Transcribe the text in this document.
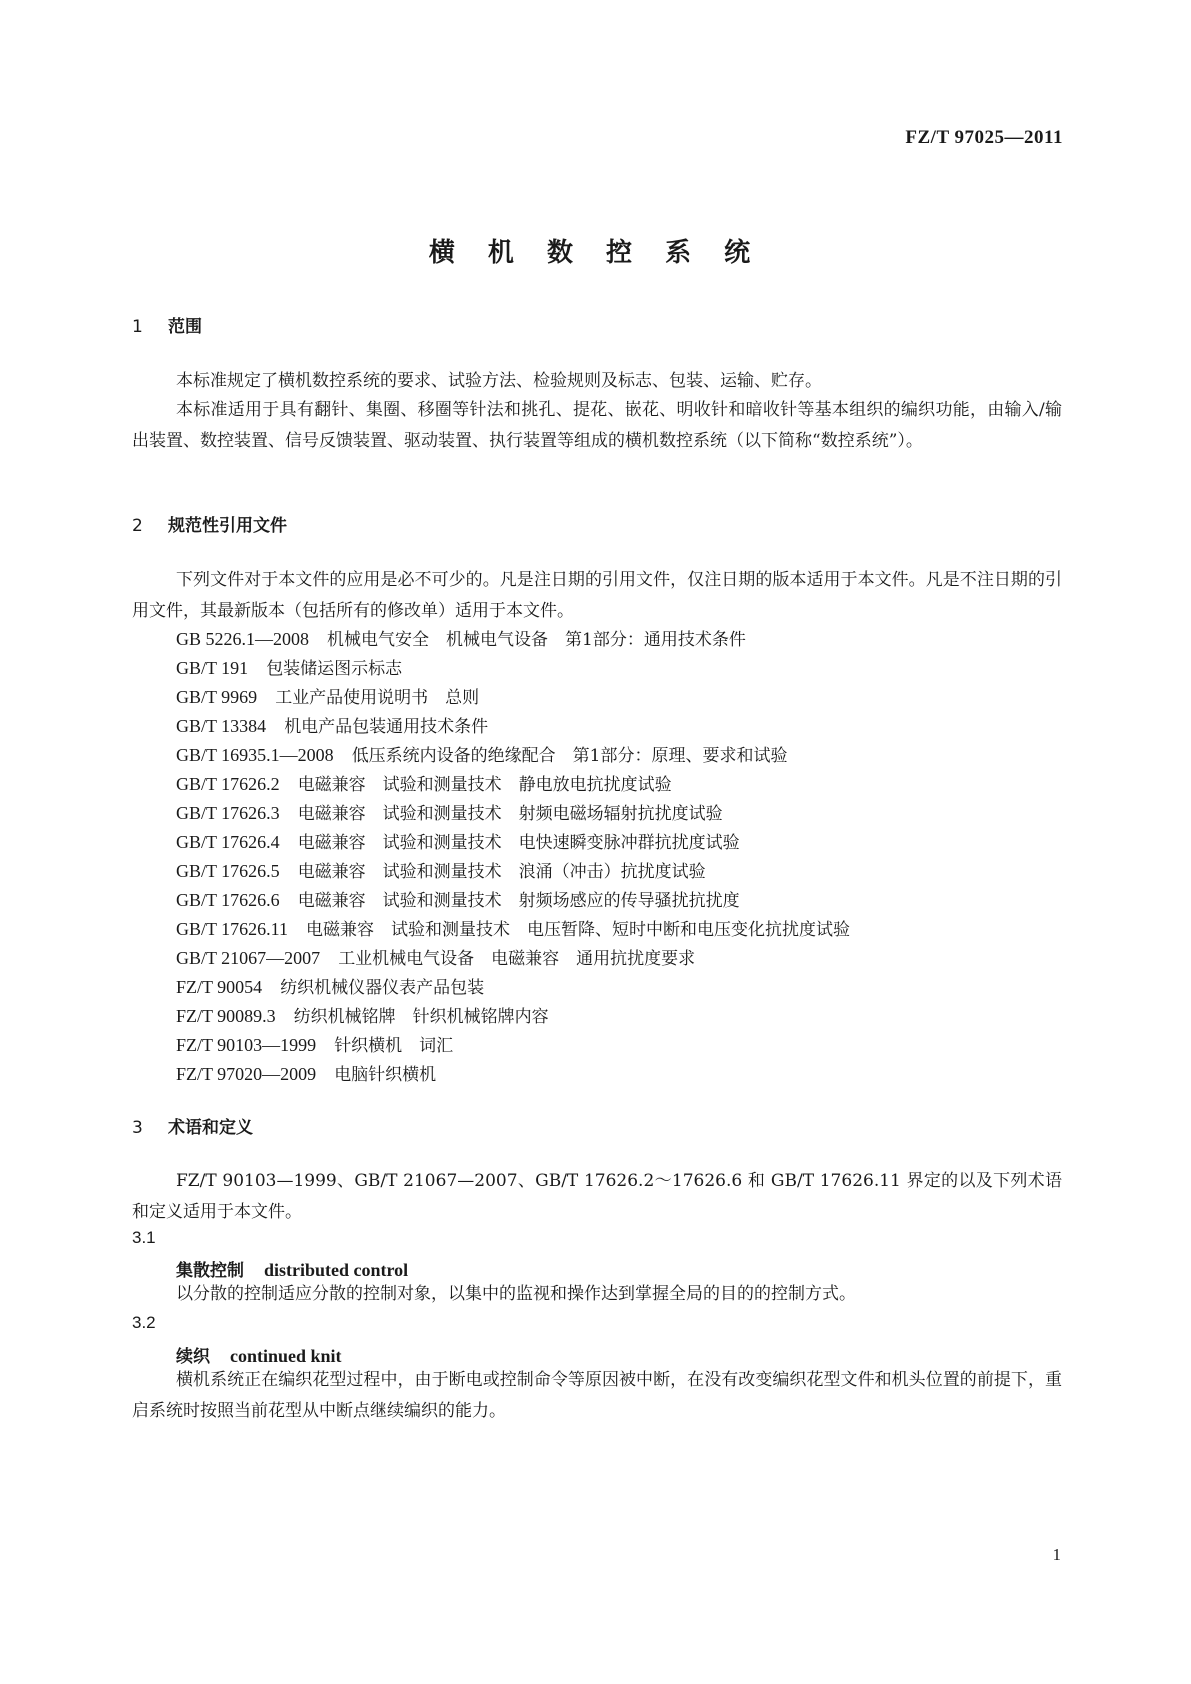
FZ/T 97025—2011
横 机 数 控 系 统
1 范围
本标准规定了横机数控系统的要求、试验方法、检验规则及标志、包装、运输、贮存。
本标准适用于具有翻针、集圈、移圈等针法和挑孔、提花、嵌花、明收针和暗收针等基本组织的编织功能，由输入/输出装置、数控装置、信号反馈装置、驱动装置、执行装置等组成的横机数控系统（以下简称“数控系统”）。
2 规范性引用文件
下列文件对于本文件的应用是必不可少的。凡是注日期的引用文件，仅注日期的版本适用于本文件。凡是不注日期的引用文件，其最新版本（包括所有的修改单）适用于本文件。
GB 5226.1—2008 机械电气安全　机械电气设备　第1部分：通用技术条件
GB/T 191 包装储运图示标志
GB/T 9969 工业产品使用说明书　总则
GB/T 13384 机电产品包装通用技术条件
GB/T 16935.1—2008 低压系统内设备的绝缘配合　第1部分：原理、要求和试验
GB/T 17626.2 电磁兼容　试验和测量技术　静电放电抗扰度试验
GB/T 17626.3 电磁兼容　试验和测量技术　射频电磁场辐射抗扰度试验
GB/T 17626.4 电磁兼容　试验和测量技术　电快速瞬变脉冲群抗扰度试验
GB/T 17626.5 电磁兼容　试验和测量技术　浪涌（冲击）抗扰度试验
GB/T 17626.6 电磁兼容　试验和测量技术　射频场感应的传导骚扰抗扰度
GB/T 17626.11 电磁兼容　试验和测量技术　电压暂降、短时中断和电压变化抗扰度试验
GB/T 21067—2007 工业机械电气设备　电磁兼容　通用抗扰度要求
FZ/T 90054 纺织机械仪器仪表产品包装
FZ/T 90089.3 纺织机械铭牌　针织机械铭牌内容
FZ/T 90103—1999 针织横机　词汇
FZ/T 97020—2009 电脑针织横机
3 术语和定义
FZ/T 90103—1999、GB/T 21067—2007、GB/T 17626.2～17626.6 和 GB/T 17626.11 界定的以及下列术语和定义适用于本文件。
3.1
集散控制 distributed control
以分散的控制适应分散的控制对象，以集中的监视和操作达到掌握全局的目的的控制方式。
3.2
续织 continued knit
横机系统正在编织花型过程中，由于断电或控制命令等原因被中断，在没有改变编织花型文件和机头位置的前提下，重启系统时按照当前花型从中断点继续编织的能力。
1
